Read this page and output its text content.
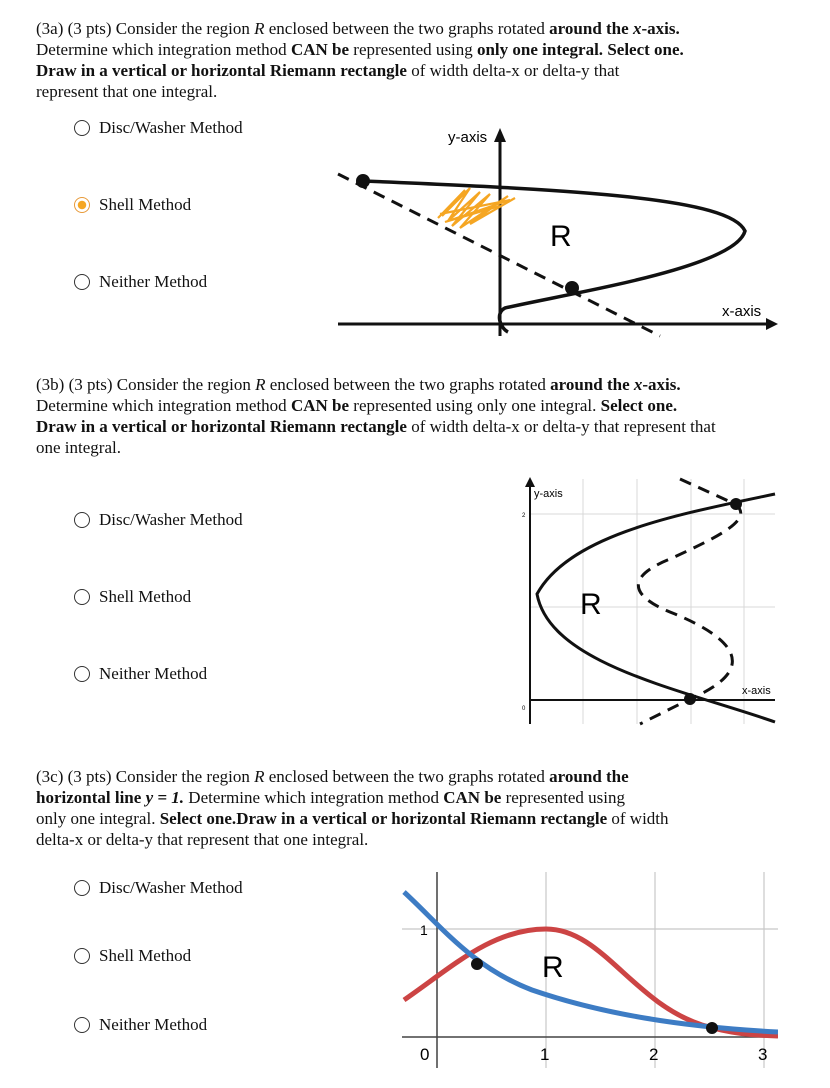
(3a) (3 pts) Consider the region R enclosed between the two graphs rotated around the x-axis.
Determine which integration method CAN be represented using only one integral. Select one.
Draw in a vertical or horizontal Riemann rectangle of width delta-x or delta-y that
represent that one integral.
Disc/Washer Method
Shell Method
Neither Method
y-axis
x-axis
R
(3b) (3 pts) Consider the region R enclosed between the two graphs rotated around the x-axis.
Determine which integration method CAN be represented using only one integral. Select one.
Draw in a vertical or horizontal Riemann rectangle of width delta-x or delta-y that represent that
one integral.
Disc/Washer Method
Shell Method
Neither Method
y-axis
x-axis
2
0
R
(3c) (3 pts) Consider the region R enclosed between the two graphs rotated around the
horizontal line y = 1. Determine which integration method CAN be represented using
only one integral. Select one.Draw in a vertical or horizontal Riemann rectangle of width
delta-x or delta-y that represent that one integral.
Disc/Washer Method
Shell Method
Neither Method
1
0	1	2	3
R
